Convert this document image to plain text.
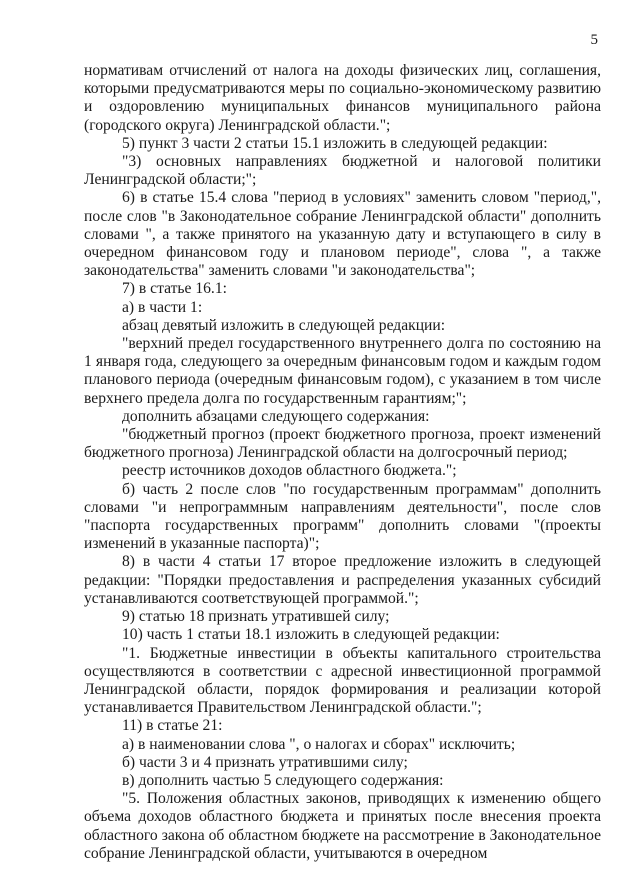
5

нормативам отчислений от налога на доходы физических лиц, соглашения, которыми предусматриваются меры по социально-экономическому развитию и оздоровлению муниципальных финансов муниципального района (городского округа) Ленинградской области.";

5) пункт 3 части 2 статьи 15.1 изложить в следующей редакции:

"3) основных направлениях бюджетной и налоговой политики Ленинградской области;";

6) в статье 15.4 слова "период в условиях" заменить словом "период,", после слов "в Законодательное собрание Ленинградской области" дополнить словами ", а также принятого на указанную дату и вступающего в силу в очередном финансовом году и плановом периоде", слова ", а также законодательства" заменить словами "и законодательства";

7) в статье 16.1:

а) в части 1:

абзац девятый изложить в следующей редакции:

"верхний предел государственного внутреннего долга по состоянию на 1 января года, следующего за очередным финансовым годом и каждым годом планового периода (очередным финансовым годом), с указанием в том числе верхнего предела долга по государственным гарантиям;";

дополнить абзацами следующего содержания:

"бюджетный прогноз (проект бюджетного прогноза, проект изменений бюджетного прогноза) Ленинградской области на долгосрочный период;

реестр источников доходов областного бюджета.";

б) часть 2 после слов "по государственным программам" дополнить словами "и непрограммным направлениям деятельности", после слов "паспорта государственных программ" дополнить словами "(проекты изменений в указанные паспорта)";

8) в части 4 статьи 17 второе предложение изложить в следующей редакции: "Порядки предоставления и распределения указанных субсидий устанавливаются соответствующей программой.";

9) статью 18 признать утратившей силу;

10) часть 1 статьи 18.1 изложить в следующей редакции:

"1. Бюджетные инвестиции в объекты капитального строительства осуществляются в соответствии с адресной инвестиционной программой Ленинградской области, порядок формирования и реализации которой устанавливается Правительством Ленинградской области.";

11) в статье 21:

а) в наименовании слова ", о налогах и сборах" исключить;

б) части 3 и 4 признать утратившими силу;

в) дополнить частью 5 следующего содержания:

"5. Положения областных законов, приводящих к изменению общего объема доходов областного бюджета и принятых после внесения проекта областного закона об областном бюджете на рассмотрение в Законодательное собрание Ленинградской области, учитываются в очередном
